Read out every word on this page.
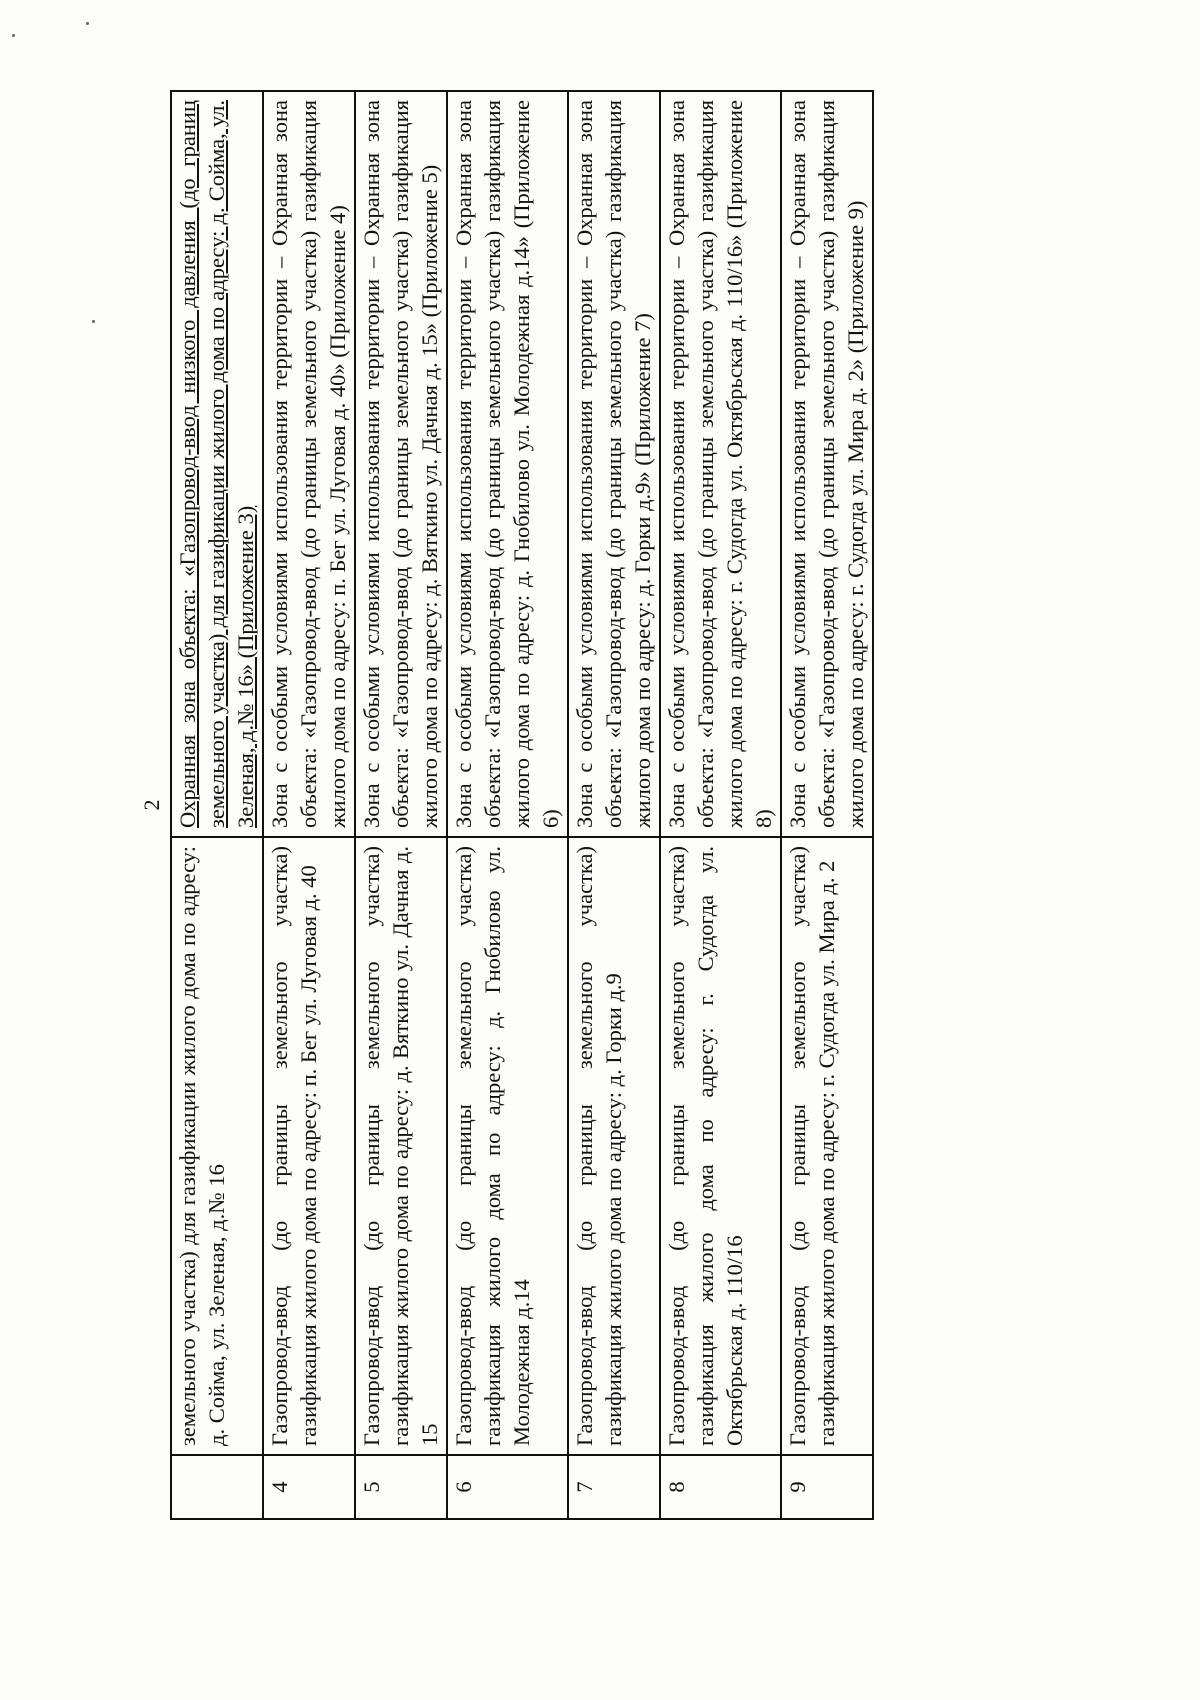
2
	земельного участка) для газификации жилого дома по адресу: д. Сойма, ул. Зеленая, д.№ 16	Охранная зона объекта: «Газопровод-ввод низкого давления (до границ земельного участка) для газификации жилого дома по адресу: д. Сойма, ул. Зеленая, д.№ 16» (Приложение 3)
4	Газопровод-ввод (до границы земельного участка) газификация жилого дома по адресу: п. Бег ул. Луговая д. 40	Зона с особыми условиями использования территории – Охранная зона объекта: «Газопровод-ввод (до границы земельного участка) газификация жилого дома по адресу: п. Бег ул. Луговая д. 40» (Приложение 4)
5	Газопровод-ввод (до границы земельного участка) газификация жилого дома по адресу: д. Вяткино ул. Дачная д. 15	Зона с особыми условиями использования территории – Охранная зона объекта: «Газопровод-ввод (до границы земельного участка) газификация жилого дома по адресу: д. Вяткино ул. Дачная д. 15» (Приложение 5)
6	Газопровод-ввод (до границы земельного участка) газификация жилого дома по адресу: д. Гнобилово ул. Молодежная д.14	Зона с особыми условиями использования территории – Охранная зона объекта: «Газопровод-ввод (до границы земельного участка) газификация жилого дома по адресу: д. Гнобилово ул. Молодежная д.14» (Приложение 6)
7	Газопровод-ввод (до границы земельного участка) газификация жилого дома по адресу: д. Горки д.9	Зона с особыми условиями использования территории – Охранная зона объекта: «Газопровод-ввод (до границы земельного участка) газификация жилого дома по адресу: д. Горки д.9» (Приложение 7)
8	Газопровод-ввод (до границы земельного участка) газификация жилого дома по адресу: г. Судогда ул. Октябрьская д. 110/16	Зона с особыми условиями использования территории – Охранная зона объекта: «Газопровод-ввод (до границы земельного участка) газификация жилого дома по адресу: г. Судогда ул. Октябрьская д. 110/16» (Приложение 8)
9	Газопровод-ввод (до границы земельного участка) газификация жилого дома по адресу: г. Судогда ул. Мира д. 2	Зона с особыми условиями использования территории – Охранная зона объекта: «Газопровод-ввод (до границы земельного участка) газификация жилого дома по адресу: г. Судогда ул. Мира д. 2» (Приложение 9)
